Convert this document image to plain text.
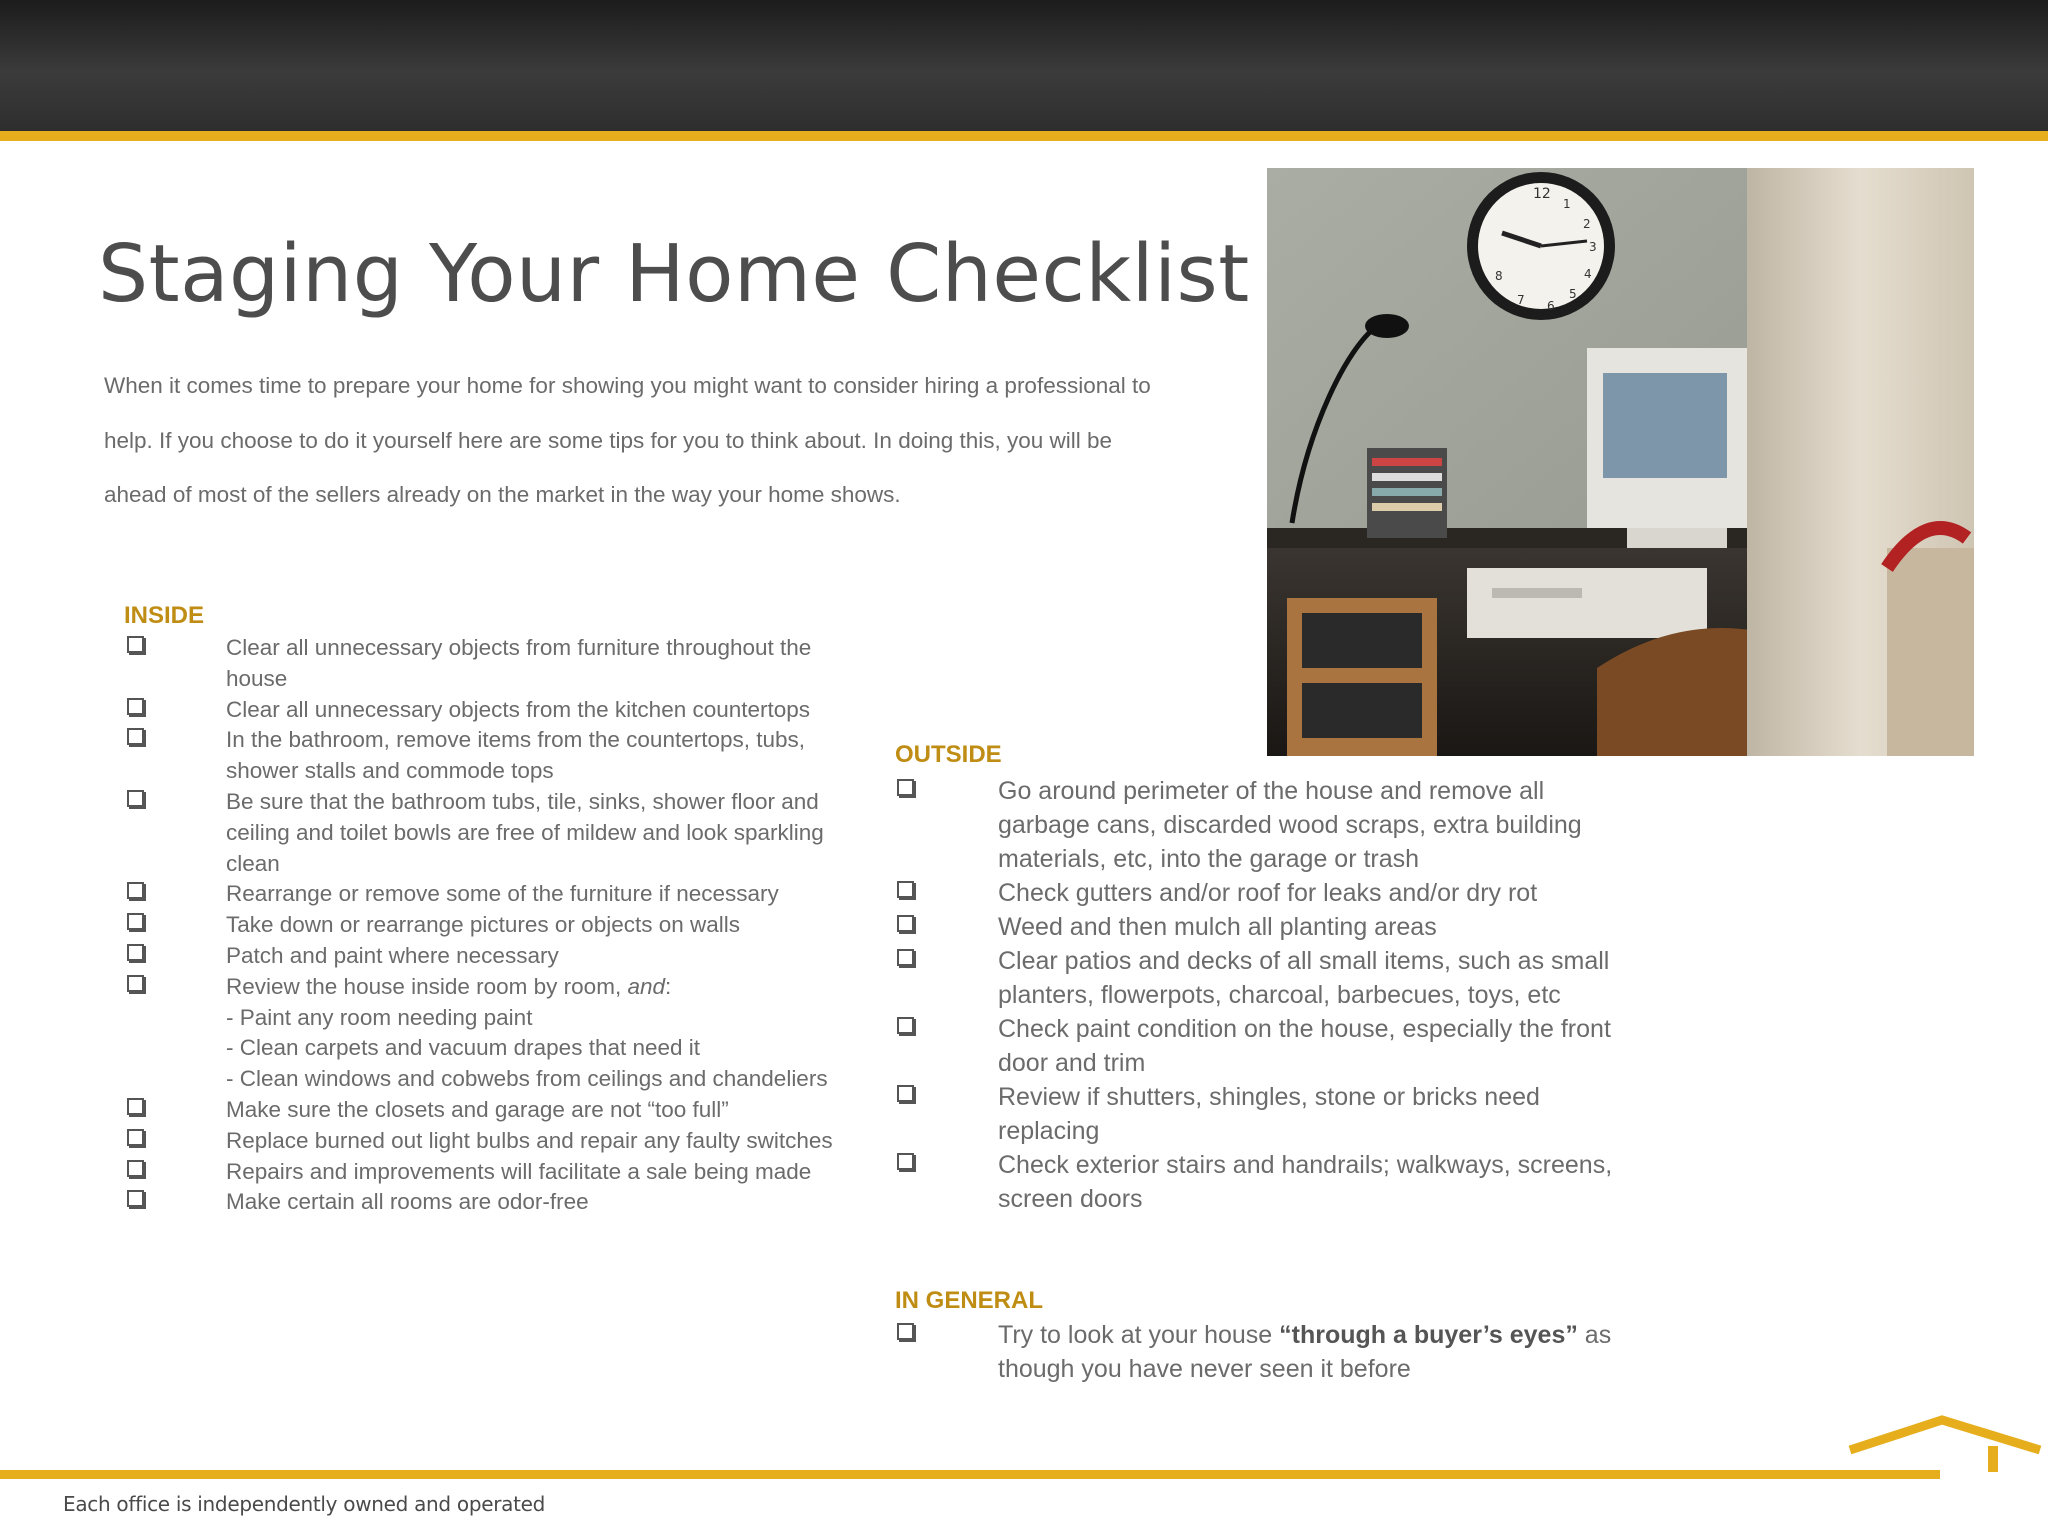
Staging Your Home Checklist

When it comes time to prepare your home for showing you might want to consider hiring a professional to help. If you choose to do it yourself here are some tips for you to think about. In doing this, you will be ahead of most of the sellers already on the market in the way your home shows.

12
1
2
3
4
5
6
7
8
INSIDE
Clear all unnecessary objects from furniture throughout the house
Clear all unnecessary objects from the kitchen countertops
In the bathroom, remove items from the countertops, tubs, shower stalls and commode tops
Be sure that the bathroom tubs, tile, sinks, shower floor and ceiling and toilet bowls are free of mildew and look sparkling clean
Rearrange or remove some of the furniture if necessary
Take down or rearrange pictures or objects on walls
Patch and paint where necessary
Review the house inside room by room, and:
- Paint any room needing paint
- Clean carpets and vacuum drapes that need it
- Clean windows and cobwebs from ceilings and chandeliers
Make sure the closets and garage are not “too full”
Replace burned out light bulbs and repair any faulty switches
Repairs and improvements will facilitate a sale being made
Make certain all rooms are odor-free
OUTSIDE
Go around perimeter of the house and remove all garbage cans, discarded wood scraps, extra building materials, etc, into the garage or trash
Check gutters and/or roof for leaks and/or dry rot
Weed and then mulch all planting areas
Clear patios and decks of all small items, such as small planters, flowerpots, charcoal, barbecues, toys, etc
Check paint condition on the house, especially the front door and trim
Review if shutters, shingles, stone or bricks need replacing
Check exterior stairs and handrails; walkways, screens, screen doors
IN GENERAL
Try to look at your house “through a buyer’s eyes” as though you have never seen it before
Each office is independently owned and operated
